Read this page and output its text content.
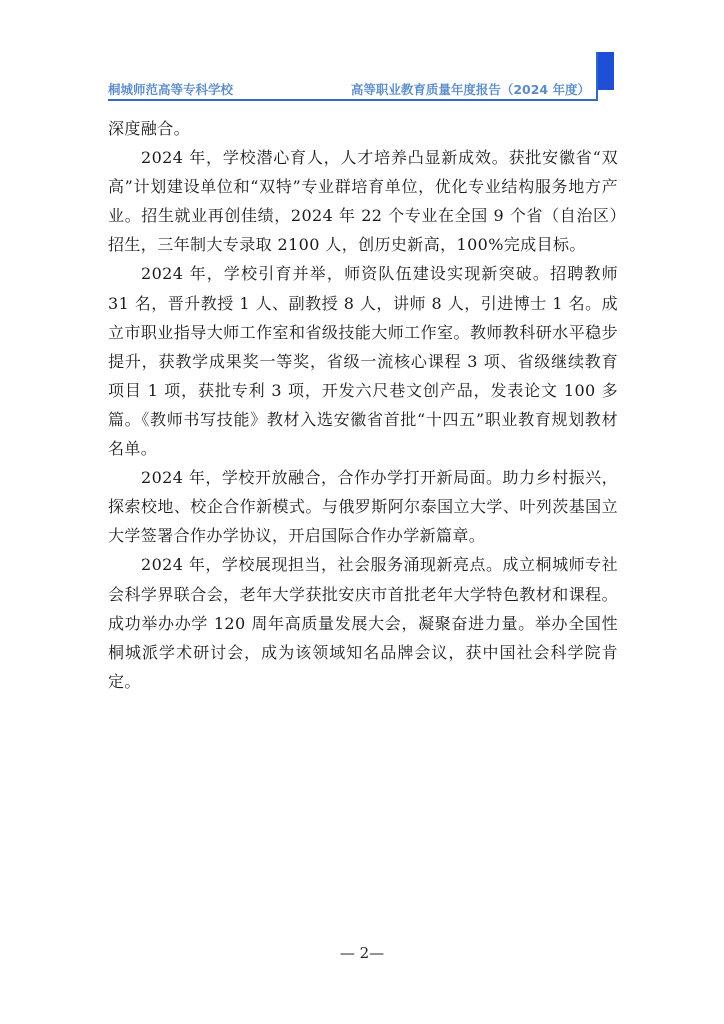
桐城师范高等专科学校	高等职业教育质量年度报告（2024 年度）

深度融合。

2024 年，学校潜心育人，人才培养凸显新成效。获批安徽省“双高”计划建设单位和“双特”专业群培育单位，优化专业结构服务地方产业。招生就业再创佳绩，2024 年 22 个专业在全国 9 个省（自治区）招生，三年制大专录取 2100 人，创历史新高，100%完成目标。

2024 年，学校引育并举，师资队伍建设实现新突破。招聘教师 31 名，晋升教授 1 人、副教授 8 人，讲师 8 人，引进博士 1 名。成立市职业指导大师工作室和省级技能大师工作室。教师教科研水平稳步提升，获教学成果奖一等奖，省级一流核心课程 3 项、省级继续教育项目 1 项，获批专利 3 项，开发六尺巷文创产品，发表论文 100 多篇。《教师书写技能》教材入选安徽省首批“十四五”职业教育规划教材名单。

2024 年，学校开放融合，合作办学打开新局面。助力乡村振兴，探索校地、校企合作新模式。与俄罗斯阿尔泰国立大学、叶列茨基国立大学签署合作办学协议，开启国际合作办学新篇章。

2024 年，学校展现担当，社会服务涌现新亮点。成立桐城师专社会科学界联合会，老年大学获批安庆市首批老年大学特色教材和课程。成功举办办学 120 周年高质量发展大会，凝聚奋进力量。举办全国性桐城派学术研讨会，成为该领域知名品牌会议，获中国社会科学院肯定。

— 2—
